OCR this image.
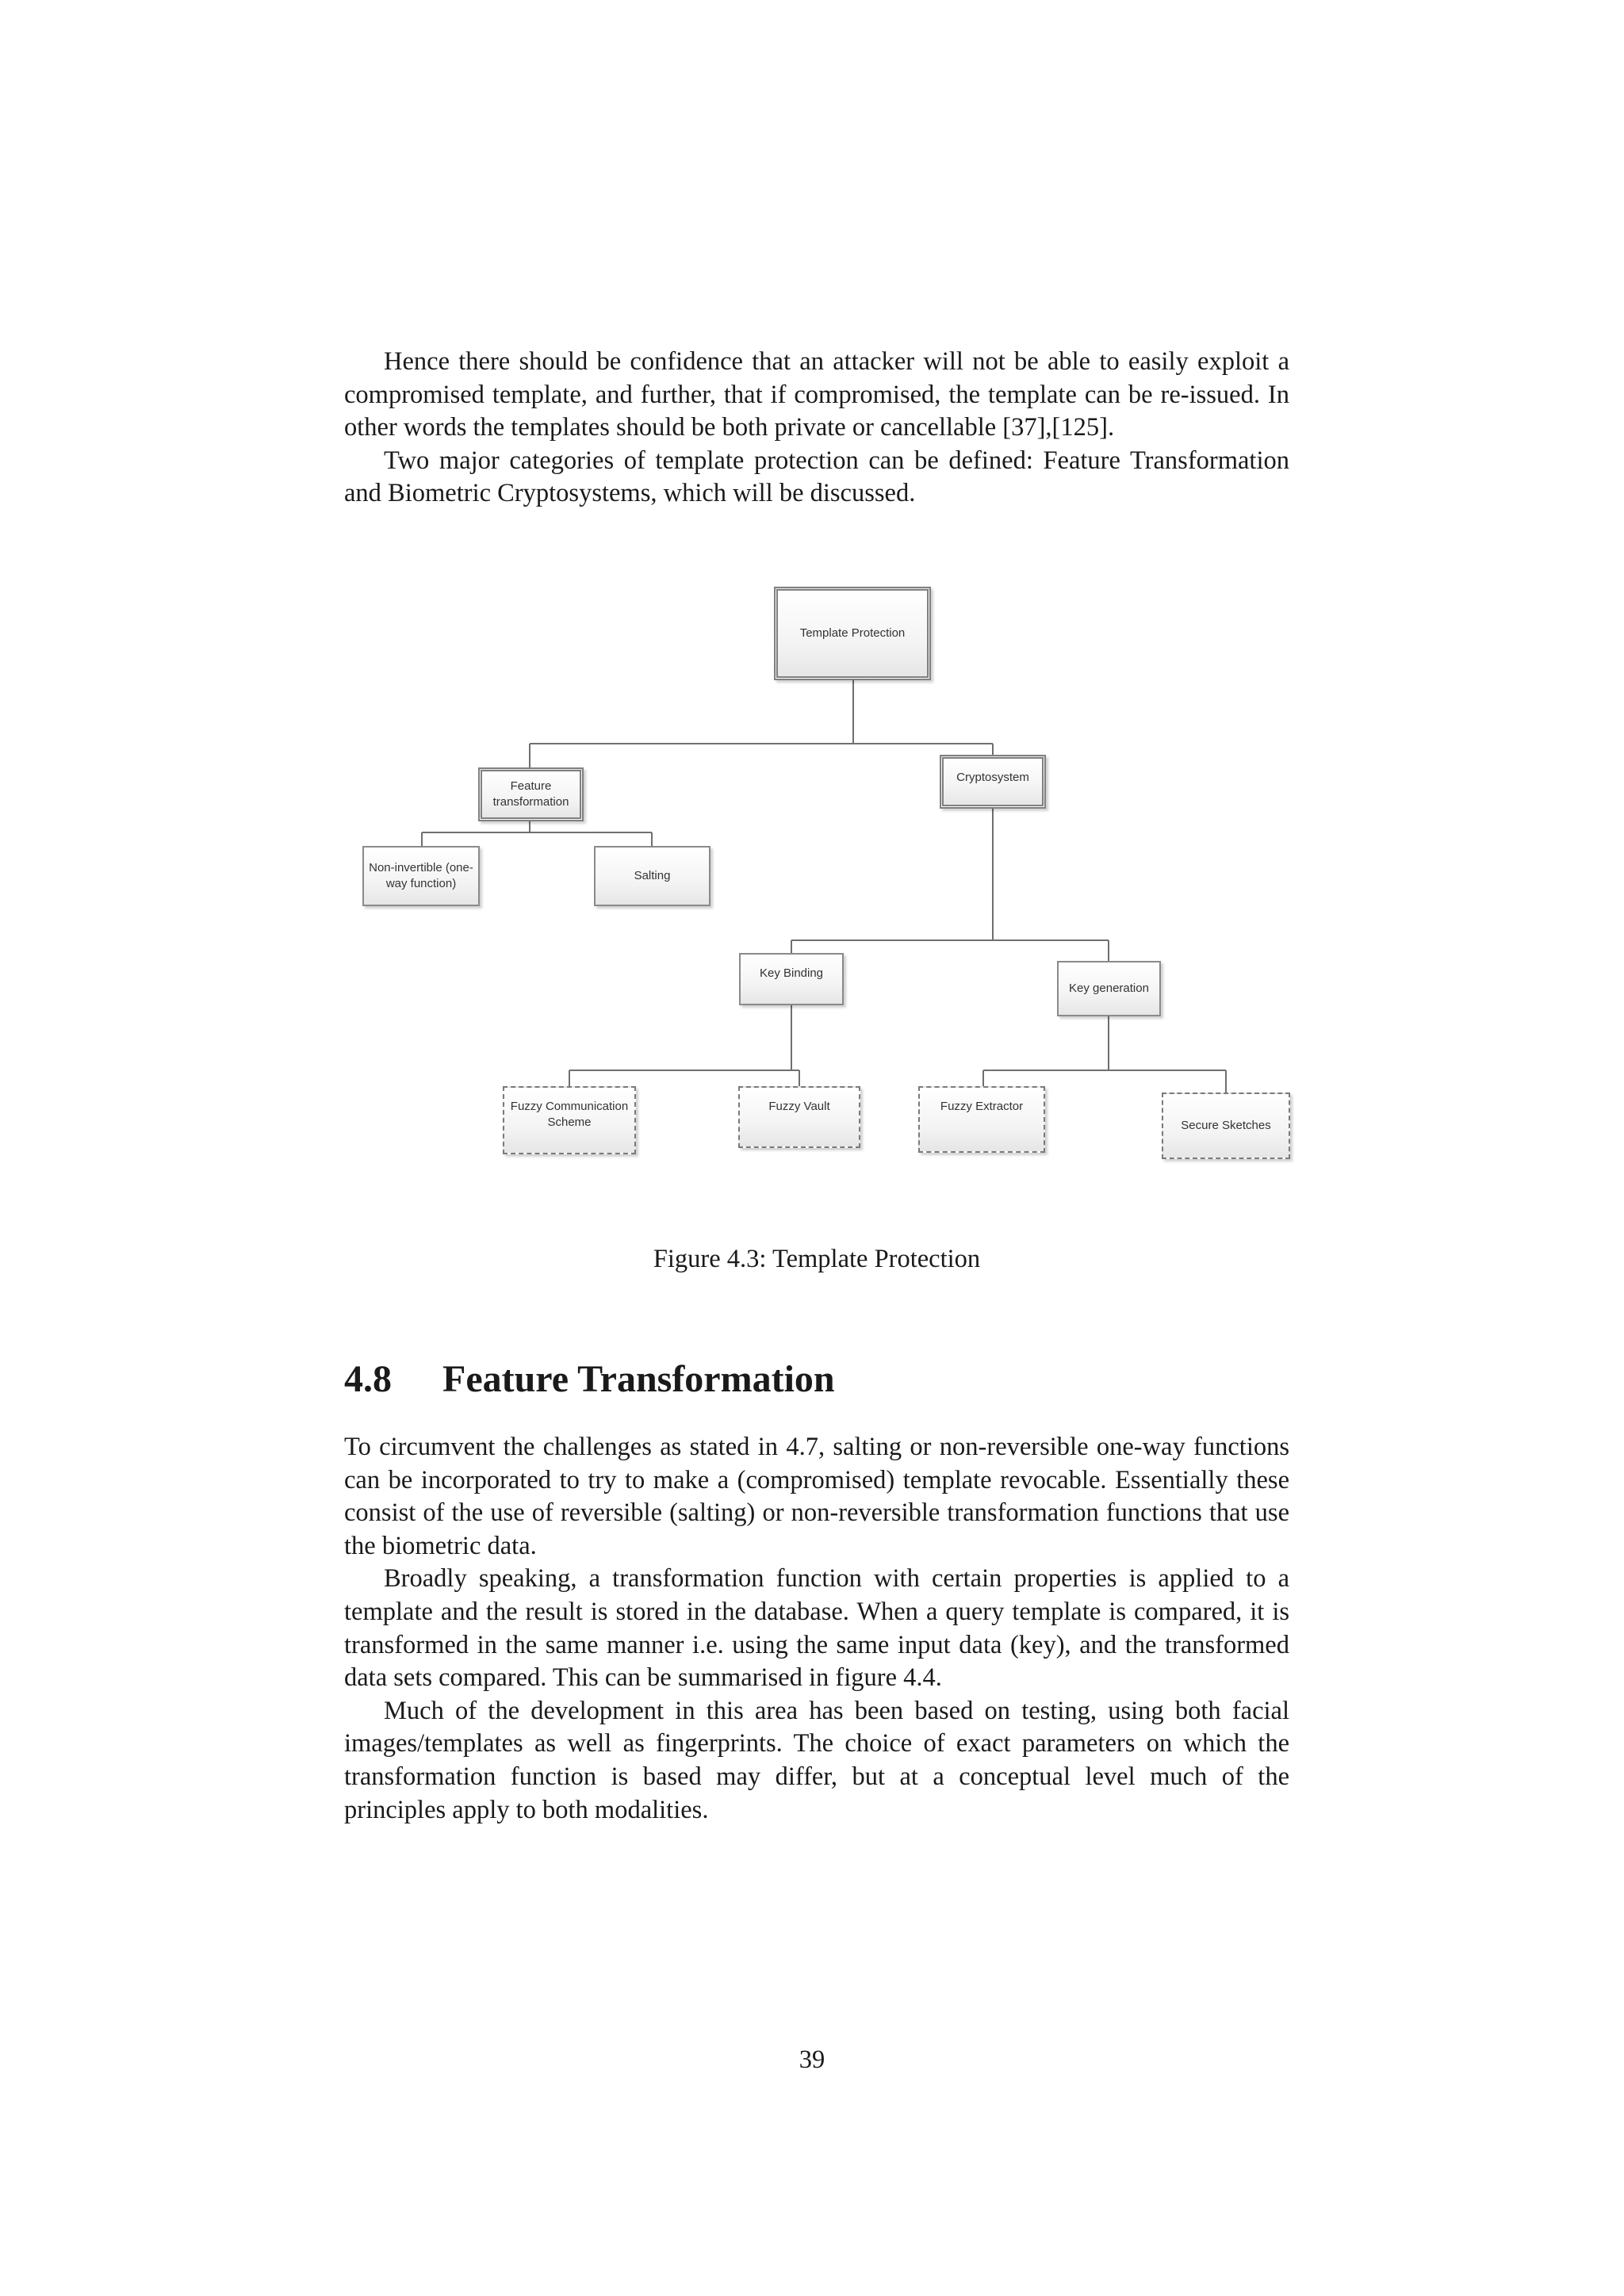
Hence there should be confidence that an attacker will not be able to easily exploit a compromised template, and further, that if compromised, the template can be re-issued. In other words the templates should be both private or cancellable [37],[125].

Two major categories of template protection can be defined: Feature Transformation and Biometric Cryptosystems, which will be discussed.

Template Protection
Feature transformation
Cryptosystem
Non-invertible (one-way function)
Salting
Key Binding
Key generation
Fuzzy Communication Scheme
Fuzzy Vault	Fuzzy Extractor
Secure Sketches
Figure 4.3: Template Protection
4.8 Feature Transformation

To circumvent the challenges as stated in 4.7, salting or non-reversible one-way functions can be incorporated to try to make a (compromised) template revocable. Essentially these consist of the use of reversible (salting) or non-reversible transformation functions that use the biometric data.

Broadly speaking, a transformation function with certain properties is applied to a template and the result is stored in the database. When a query template is compared, it is transformed in the same manner i.e. using the same input data (key), and the transformed data sets compared. This can be summarised in figure 4.4.

Much of the development in this area has been based on testing, using both facial images/templates as well as fingerprints. The choice of exact parameters on which the transformation function is based may differ, but at a conceptual level much of the principles apply to both modalities.

39
